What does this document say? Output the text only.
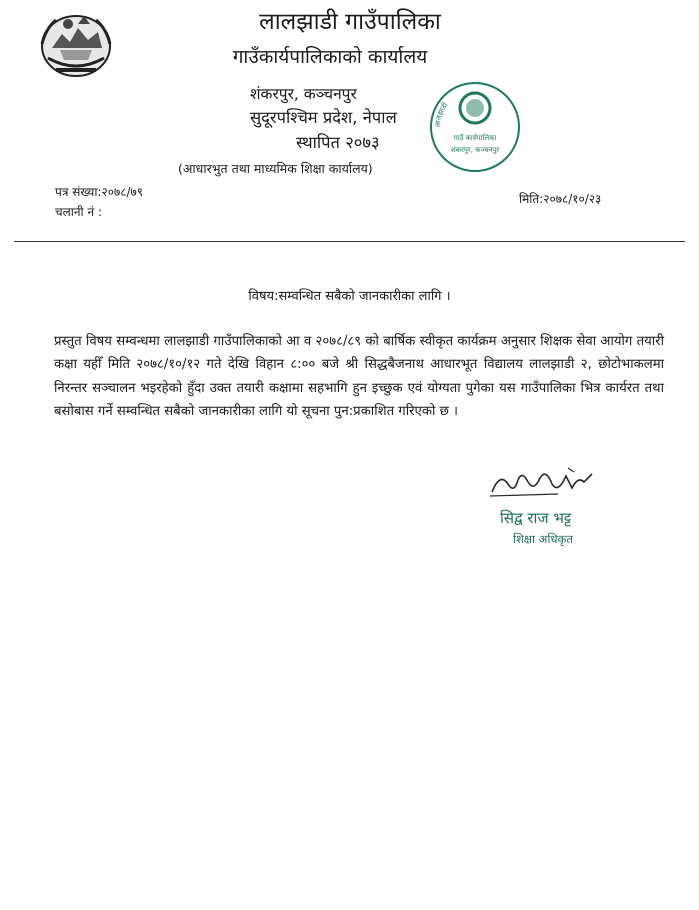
लालझाडी गाउँपालिका
गाउँकार्यपालिकाको कार्यालय
शंकरपुर, कञ्चनपुर
सुदूरपश्चिम प्रदेश, नेपाल
स्थापित २०७३
(आधारभुत तथा माध्यमिक शिक्षा कार्यालय)
लालझाडी
गाउँ कार्यपालिका
शंकरपुर, कञ्चनपुर
पत्र संख्या:२०७८/७९
चलानी नं :
मिति:२०७८/१०/२३
विषय:सम्वन्धित सबैको जानकारीका लागि ।
प्रस्तुत विषय सम्वन्धमा लालझाडी गाउँपालिकाको आ व २०७८/८९ को बार्षिक स्वीकृत कार्यक्रम अनुसार शिक्षक सेवा आयोग तयारी कक्षा यहीँ मिति २०७८/१०/१२ गते देखि विहान ८:०० बजे श्री सिद्धबैजनाथ आधारभूत विद्यालय लालझाडी २, छोटोभाकलमा निरन्तर सञ्चालन भइरहेको हुँदा उक्त तयारी कक्षामा सहभागि हुन इच्छुक एवं योग्यता पुगेका यस गाउँपालिका भित्र कार्यरत तथा बसोबास गर्ने सम्वन्धित सबैको जानकारीका लागि यो सूचना पुन:प्रकाशित गरिएको छ ।
सिद्व राज भट्ट
शिक्षा अधिकृत
